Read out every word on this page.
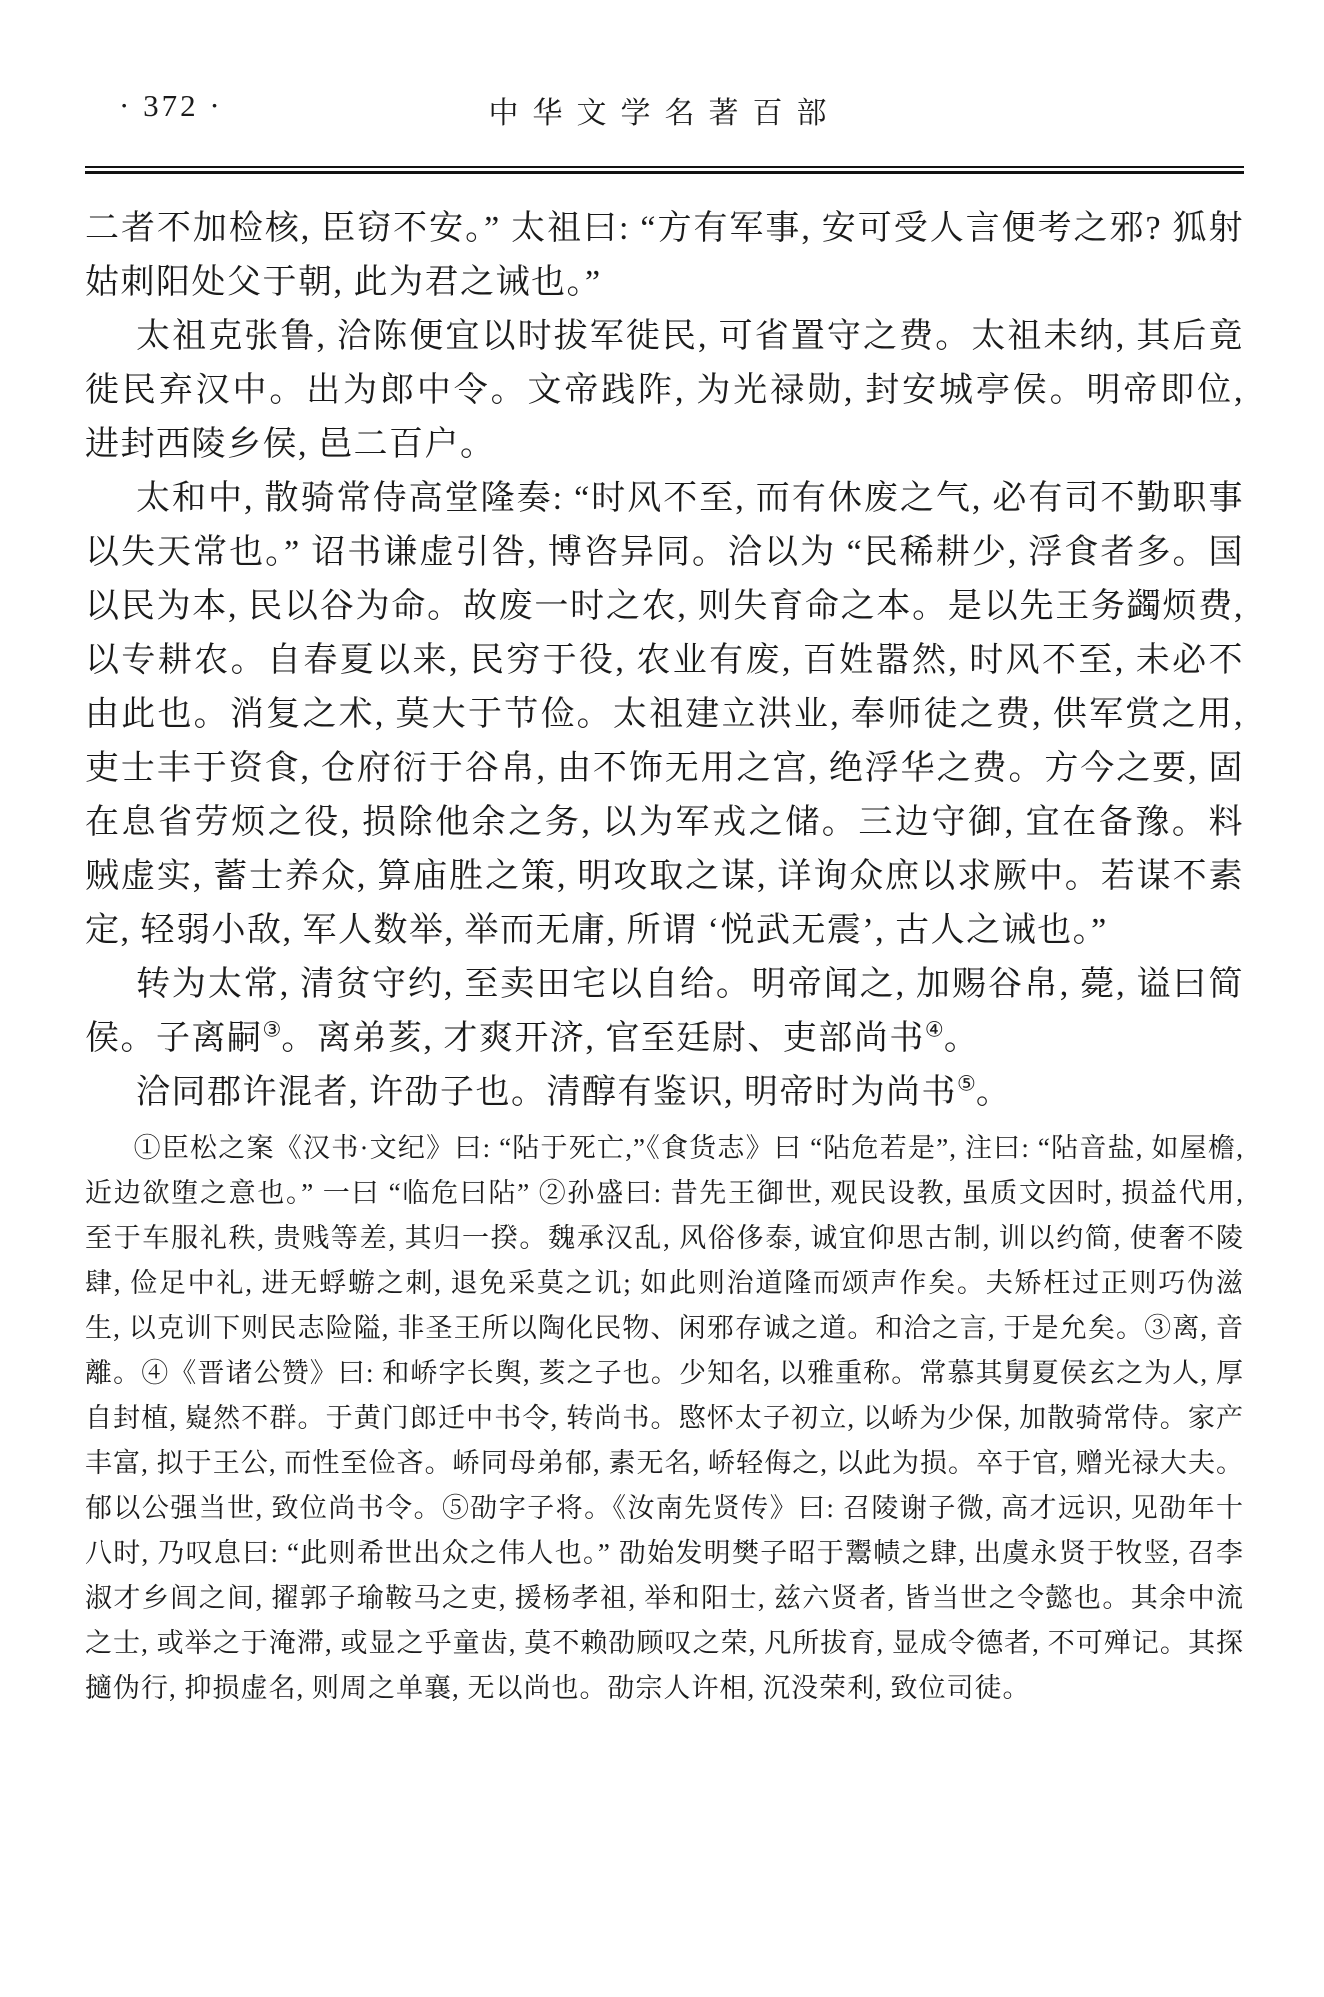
· 372 ·	中华文学名著百部

二者不加检核, 臣窃不安。” 太祖曰: “方有军事, 安可受人言便考之邪? 狐射姑刺阳处父于朝, 此为君之诫也。”

太祖克张鲁, 洽陈便宜以时拔军徙民, 可省置守之费。太祖未纳, 其后竟徙民弃汉中。出为郎中令。文帝践阼, 为光禄勋, 封安城亭侯。明帝即位, 进封西陵乡侯, 邑二百户。

太和中, 散骑常侍高堂隆奏: “时风不至, 而有休废之气, 必有司不勤职事以失天常也。” 诏书谦虚引咎, 博咨异同。洽以为 “民稀耕少, 浮食者多。国以民为本, 民以谷为命。故废一时之农, 则失育命之本。是以先王务蠲烦费, 以专耕农。自春夏以来, 民穷于役, 农业有废, 百姓嚣然, 时风不至, 未必不由此也。消复之术, 莫大于节俭。太祖建立洪业, 奉师徒之费, 供军赏之用, 吏士丰于资食, 仓府衍于谷帛, 由不饰无用之宫, 绝浮华之费。方今之要, 固在息省劳烦之役, 损除他余之务, 以为军戎之储。三边守御, 宜在备豫。料贼虚实, 蓄士养众, 算庙胜之策, 明攻取之谋, 详询众庶以求厥中。若谋不素定, 轻弱小敌, 军人数举, 举而无庸, 所谓 ‘悦武无震’, 古人之诫也。”

转为太常, 清贫守约, 至卖田宅以自给。明帝闻之, 加赐谷帛, 薨, 谥曰简侯。子离嗣③。离弟荄, 才爽开济, 官至廷尉、吏部尚书④。

洽同郡许混者, 许劭子也。清醇有鉴识, 明帝时为尚书⑤。

①臣松之案《汉书·文纪》曰: “阽于死亡,”《食货志》曰 “阽危若是”, 注曰: “阽音盐, 如屋檐, 近边欲堕之意也。” 一曰 “临危曰阽” ②孙盛曰: 昔先王御世, 观民设教, 虽质文因时, 损益代用, 至于车服礼秩, 贵贱等差, 其归一揆。魏承汉乱, 风俗侈泰, 诚宜仰思古制, 训以约简, 使奢不陵肆, 俭足中礼, 进无蜉蝣之刺, 退免采莫之讥; 如此则治道隆而颂声作矣。夫矫枉过正则巧伪滋生, 以克训下则民志险隘, 非圣王所以陶化民物、闲邪存诚之道。和洽之言, 于是允矣。③离, 音離。④《晋诸公赞》曰: 和峤字长舆, 荄之子也。少知名, 以雅重称。常慕其舅夏侯玄之为人, 厚自封植, 嶷然不群。于黄门郎迁中书令, 转尚书。愍怀太子初立, 以峤为少保, 加散骑常侍。家产丰富, 拟于王公, 而性至俭吝。峤同母弟郁, 素无名, 峤轻侮之, 以此为损。卒于官, 赠光禄大夫。郁以公强当世, 致位尚书令。⑤劭字子将。《汝南先贤传》曰: 召陵谢子微, 高才远识, 见劭年十八时, 乃叹息曰: “此则希世出众之伟人也。” 劭始发明樊子昭于鬻帻之肆, 出虞永贤于牧竖, 召李淑才乡闾之间, 擢郭子瑜鞍马之吏, 援杨孝祖, 举和阳士, 兹六贤者, 皆当世之令懿也。其余中流之士, 或举之于淹滞, 或显之乎童齿, 莫不赖劭顾叹之荣, 凡所拔育, 显成令德者, 不可殚记。其探擿伪行, 抑损虚名, 则周之单襄, 无以尚也。劭宗人许相, 沉没荣利, 致位司徒。
